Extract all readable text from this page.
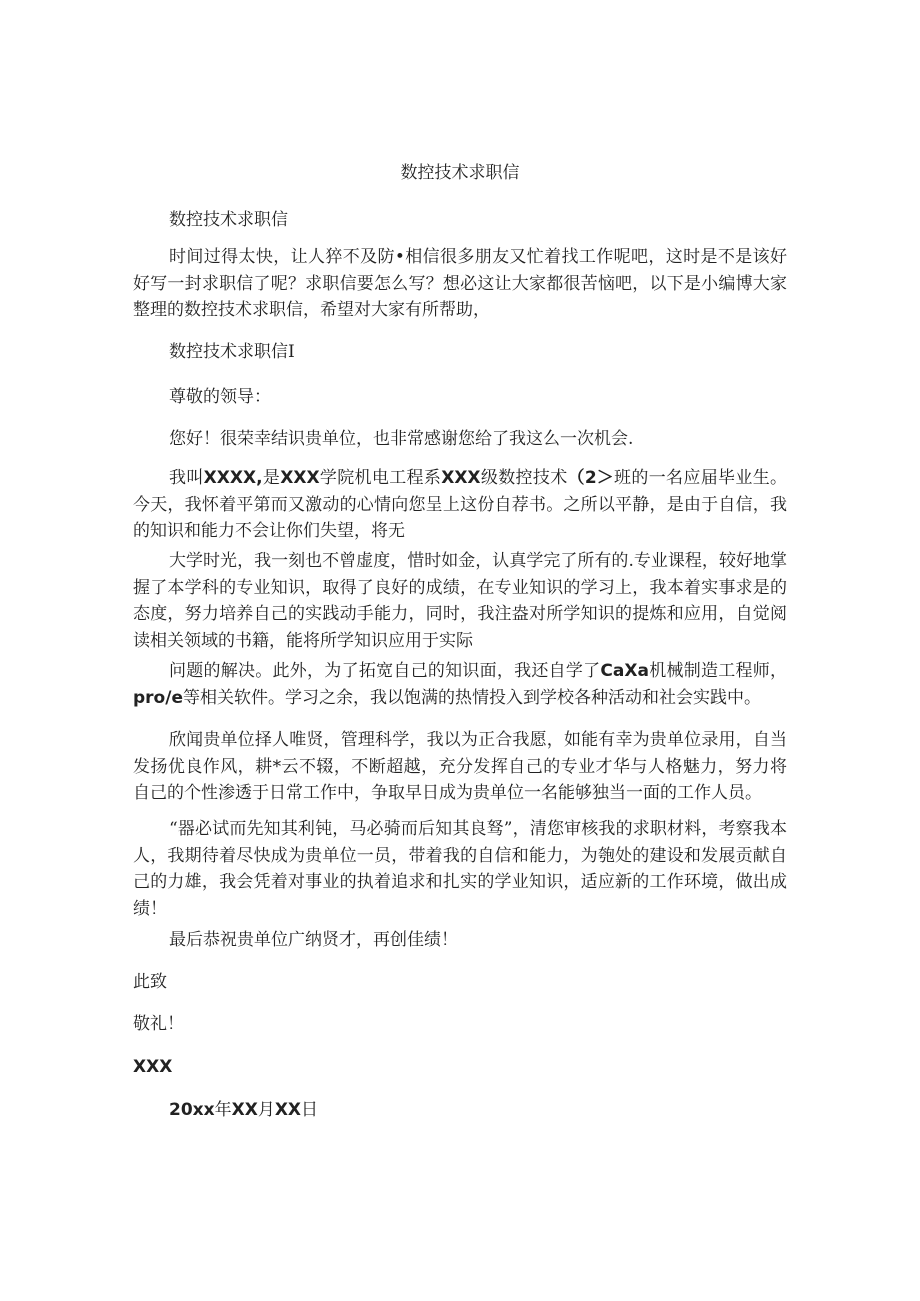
数控技术求职信
数控技术求职信
时间过得太快，让人猝不及防•相信很多朋友又忙着找工作呢吧，这时是不是该好好写一封求职信了呢？求职信要怎么写？想必这让大家都很苦恼吧，以下是小编博大家整理的数控技术求职信，希望对大家有所帮助，
数控技术求职信I
尊敬的领导：
您好！很荣幸结识贵单位，也非常感谢您给了我这么一次机会.
我叫XXXX,是XXX学院机电工程系XXX级数控技术（2＞班的一名应届毕业生。今天，我怀着平第而又激动的心情向您呈上这份自荐书。之所以平静，是由于自信，我的知识和能力不会让你们失望，将无
大学时光，我一刻也不曾虚度，惜时如金，认真学完了所有的.专业课程，较好地掌握了本学科的专业知识，取得了良好的成绩，在专业知识的学习上，我本着实事求是的态度，努力培养自己的实践动手能力，同时，我注盎对所学知识的提炼和应用，自觉阅读相关领域的书籍，能将所学知识应用于实际
问题的解决。此外，为了拓宽自己的知识面，我还自学了CaXa机械制造工程师，pro/e等相关软件。学习之余，我以饱满的热情投入到学校各种活动和社会实践中。
欣闻贵单位择人唯贤，管理科学，我以为正合我愿，如能有幸为贵单位录用，自当发扬优良作风，耕*云不辍，不断超越，充分发挥自己的专业才华与人格魅力，努力将自己的个性渗透于日常工作中，争取早日成为贵单位一名能够独当一面的工作人员。
“器必试而先知其利钝，马必骑而后知其良驽”，清您审核我的求职材料，考察我本人，我期待着尽快成为贵单位一员，带着我的自信和能力，为匏处的建设和发展贡献自己的力雄，我会凭着对事业的执着追求和扎实的学业知识，适应新的工作环境，做出成绩！
最后恭祝贵单位广纳贤才，再创佳绩！
此致
敬礼！
XXX
20xx年XX月XX日
